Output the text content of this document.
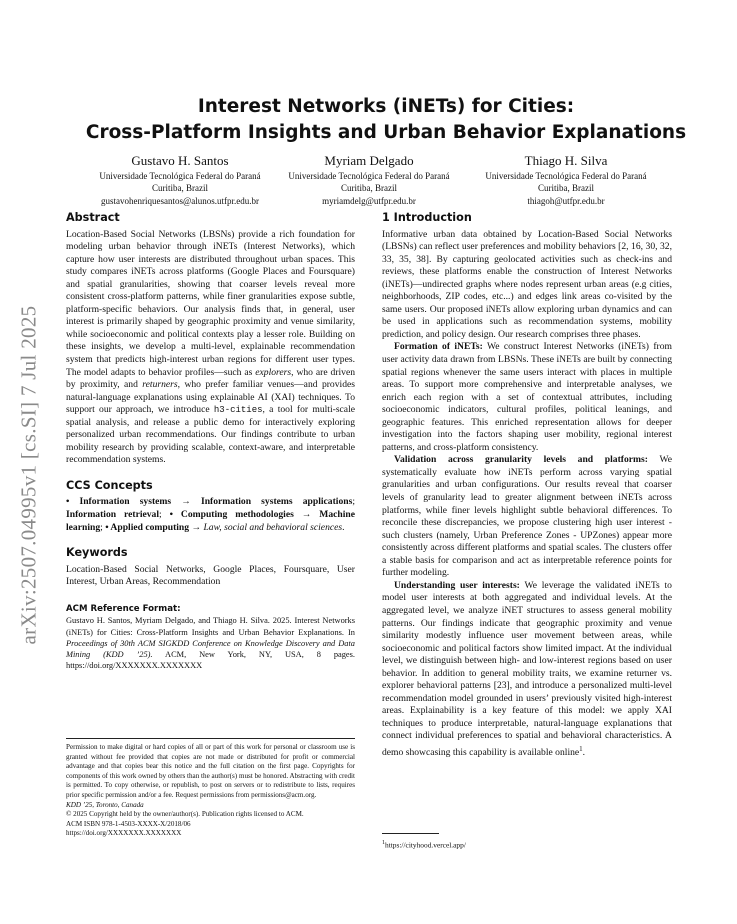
arXiv:2507.04995v1 [cs.SI] 7 Jul 2025
Interest Networks (iNETs) for Cities:
Cross-Platform Insights and Urban Behavior Explanations
Gustavo H. Santos
Universidade Tecnológica Federal do Paraná
Curitiba, Brazil
gustavohenriquesantos@alunos.utfpr.edu.br
Myriam Delgado
Universidade Tecnológica Federal do Paraná
Curitiba, Brazil
myriamdelg@utfpr.edu.br
Thiago H. Silva
Universidade Tecnológica Federal do Paraná
Curitiba, Brazil
thiagoh@utfpr.edu.br
Abstract

Location-Based Social Networks (LBSNs) provide a rich foundation for modeling urban behavior through iNETs (Interest Networks), which capture how user interests are distributed throughout urban spaces. This study compares iNETs across platforms (Google Places and Foursquare) and spatial granularities, showing that coarser levels reveal more consistent cross-platform patterns, while finer granularities expose subtle, platform-specific behaviors. Our analysis finds that, in general, user interest is primarily shaped by geographic proximity and venue similarity, while socioeconomic and political contexts play a lesser role. Building on these insights, we develop a multi-level, explainable recommendation system that predicts high-interest urban regions for different user types. The model adapts to behavior profiles—such as explorers, who are driven by proximity, and returners, who prefer familiar venues—and provides natural-language explanations using explainable AI (XAI) techniques. To support our approach, we introduce h3-cities, a tool for multi-scale spatial analysis, and release a public demo for interactively exploring personalized urban recommendations. Our findings contribute to urban mobility research by providing scalable, context-aware, and interpretable recommendation systems.

CCS Concepts

• Information systems → Information systems applications; Information retrieval; • Computing methodologies → Machine learning; • Applied computing → Law, social and behavioral sciences.

Keywords

Location-Based Social Networks, Google Places, Foursquare, User Interest, Urban Areas, Recommendation

ACM Reference Format:

Gustavo H. Santos, Myriam Delgado, and Thiago H. Silva. 2025. Interest Networks (iNETs) for Cities: Cross-Platform Insights and Urban Behavior Explanations. In Proceedings of 30th ACM SIGKDD Conference on Knowledge Discovery and Data Mining (KDD ’25). ACM, New York, NY, USA, 8 pages. https://doi.org/XXXXXXX.XXXXXXX

Permission to make digital or hard copies of all or part of this work for personal or classroom use is granted without fee provided that copies are not made or distributed for profit or commercial advantage and that copies bear this notice and the full citation on the first page. Copyrights for components of this work owned by others than the author(s) must be honored. Abstracting with credit is permitted. To copy otherwise, or republish, to post on servers or to redistribute to lists, requires prior specific permission and/or a fee. Request permissions from permissions@acm.org.
KDD ’25, Toronto, Canada
© 2025 Copyright held by the owner/author(s). Publication rights licensed to ACM.
ACM ISBN 978-1-4503-XXXX-X/2018/06
https://doi.org/XXXXXXX.XXXXXXX
1 Introduction

Informative urban data obtained by Location-Based Social Networks (LBSNs) can reflect user preferences and mobility behaviors [2, 16, 30, 32, 33, 35, 38]. By capturing geolocated activities such as check-ins and reviews, these platforms enable the construction of Interest Networks (iNETs)—undirected graphs where nodes represent urban areas (e.g cities, neighborhoods, ZIP codes, etc...) and edges link areas co-visited by the same users. Our proposed iNETs allow exploring urban dynamics and can be used in applications such as recommendation systems, mobility prediction, and policy design. Our research comprises three phases.

Formation of iNETs: We construct Interest Networks (iNETs) from user activity data drawn from LBSNs. These iNETs are built by connecting spatial regions whenever the same users interact with places in multiple areas. To support more comprehensive and interpretable analyses, we enrich each region with a set of contextual attributes, including socioeconomic indicators, cultural profiles, political leanings, and geographic features. This enriched representation allows for deeper investigation into the factors shaping user mobility, regional interest patterns, and cross-platform consistency.

Validation across granularity levels and platforms: We systematically evaluate how iNETs perform across varying spatial granularities and urban configurations. Our results reveal that coarser levels of granularity lead to greater alignment between iNETs across platforms, while finer levels highlight subtle behavioral differences. To reconcile these discrepancies, we propose clustering high user interest - such clusters (namely, Urban Preference Zones - UPZones) appear more consistently across different platforms and spatial scales. The clusters offer a stable basis for comparison and act as interpretable reference points for further modeling.

Understanding user interests: We leverage the validated iNETs to model user interests at both aggregated and individual levels. At the aggregated level, we analyze iNET structures to assess general mobility patterns. Our findings indicate that geographic proximity and venue similarity modestly influence user movement between areas, while socioeconomic and political factors show limited impact. At the individual level, we distinguish between high- and low-interest regions based on user behavior. In addition to general mobility traits, we examine returner vs. explorer behavioral patterns [23], and introduce a personalized multi-level recommendation model grounded in users’ previously visited high-interest areas. Explainability is a key feature of this model: we apply XAI techniques to produce interpretable, natural-language explanations that connect individual preferences to spatial and behavioral characteristics. A demo showcasing this capability is available online$^1$.

$^1$https://cityhood.vercel.app/
